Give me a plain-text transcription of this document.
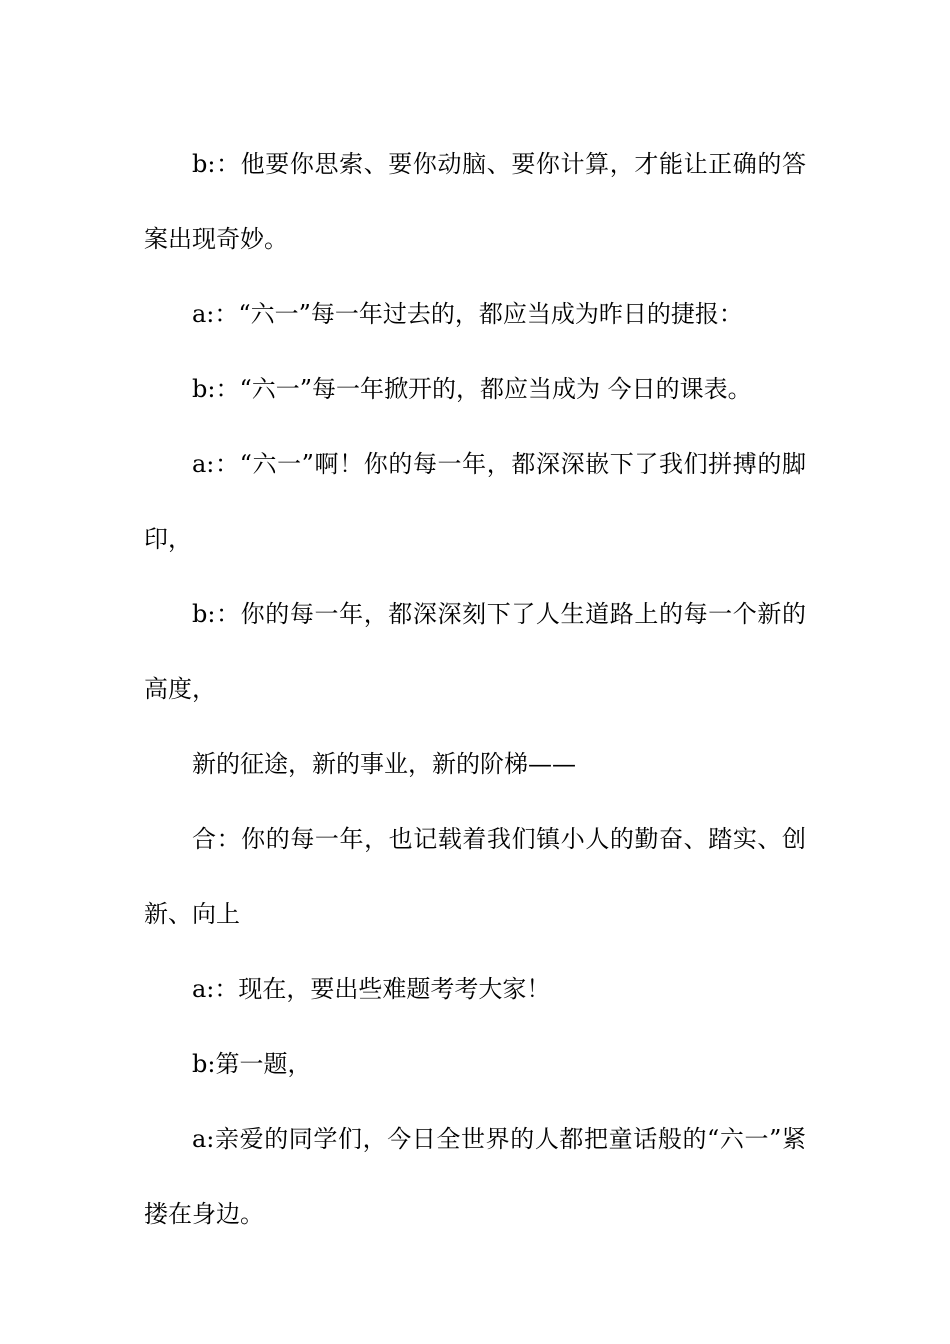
b:：他要你思索、要你动脑、要你计算，才能让正确的答案出现奇妙。

a:：“六一”每一年过去的，都应当成为昨日的捷报：

b:：“六一”每一年掀开的，都应当成为 今日的课表。

a:：“六一”啊！你的每一年，都深深嵌下了我们拼搏的脚印，

b:：你的每一年，都深深刻下了人生道路上的每一个新的高度，

新的征途，新的事业，新的阶梯——

合：你的每一年，也记载着我们镇小人的勤奋、踏实、创新、向上

a:：现在，要出些难题考考大家！

b:第一题，

a:亲爱的同学们，今日全世界的人都把童话般的“六一”紧搂在身边。
